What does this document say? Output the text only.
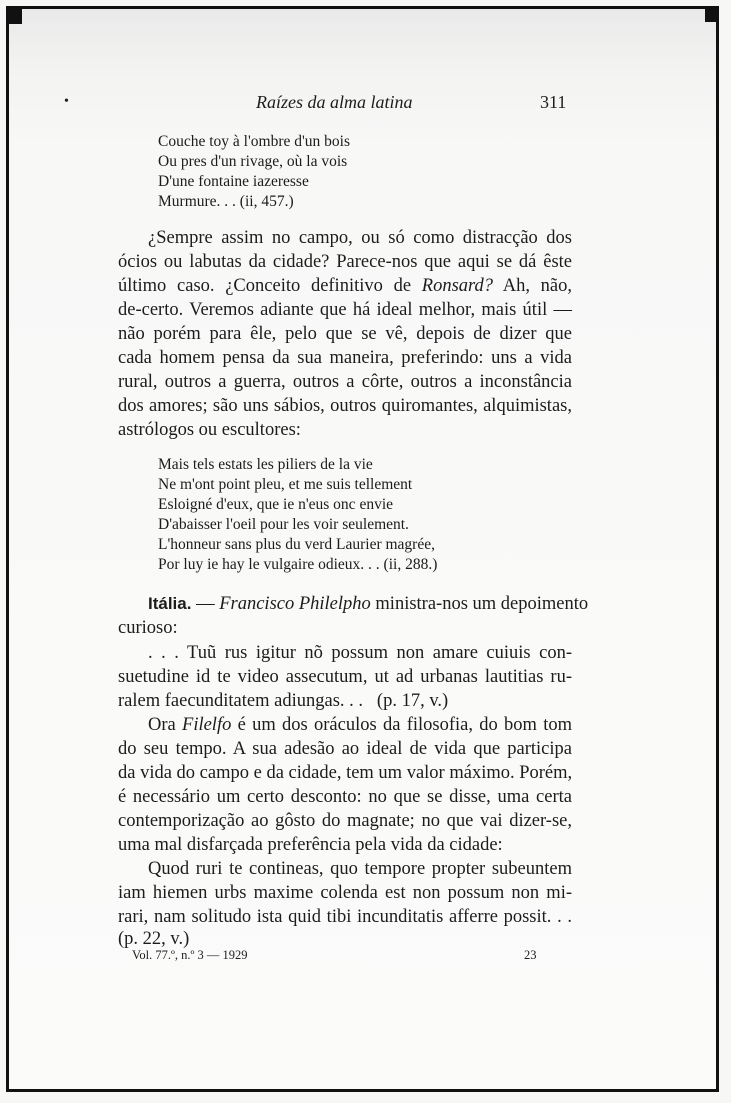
•	Raízes da alma latina	311
Couche toy à l'ombre d'un bois
Ou pres d'un rivage, où la vois
D'une fontaine iazeresse
Murmure. . . (ii, 457.)
¿Sempre assim no campo, ou só como distracção dos
ócios ou labutas da cidade? Parece-nos que aqui se dá êste
último caso. ¿Conceito definitivo de Ronsard? Ah, não,
de-certo. Veremos adiante que há ideal melhor, mais útil —
não porém para êle, pelo que se vê, depois de dizer que
cada homem pensa da sua maneira, preferindo: uns a vida
rural, outros a guerra, outros a côrte, outros a inconstância
dos amores; são uns sábios, outros quiromantes, alquimistas,
astrólogos ou escultores:
Mais tels estats les piliers de la vie
Ne m'ont point pleu, et me suis tellement
Esloigné d'eux, que ie n'eus onc envie
D'abaisser l'oeil pour les voir seulement.
L'honneur sans plus du verd Laurier magrée,
Por luy ie hay le vulgaire odieux. . . (ii, 288.)
Itália. — Francisco Philelpho ministra-nos um depoimento
curioso:
. . . Tuũ rus igitur nõ possum non amare cuiuis con-
suetudine id te video assecutum, ut ad urbanas lautitias ru-
ralem faecunditatem adiungas. . . (p. 17, v.)
Ora Filelfo é um dos oráculos da filosofia, do bom tom
do seu tempo. A sua adesão ao ideal de vida que participa
da vida do campo e da cidade, tem um valor máximo. Porém,
é necessário um certo desconto: no que se disse, uma certa
contemporização ao gôsto do magnate; no que vai dizer-se,
uma mal disfarçada preferência pela vida da cidade:
Quod ruri te contineas, quo tempore propter subeuntem
iam hiemen urbs maxime colenda est non possum non mi-
rari, nam solitudo ista quid tibi incunditatis afferre possit. . .
(p. 22, v.)
Vol. 77.º, n.º 3 — 1929	23
